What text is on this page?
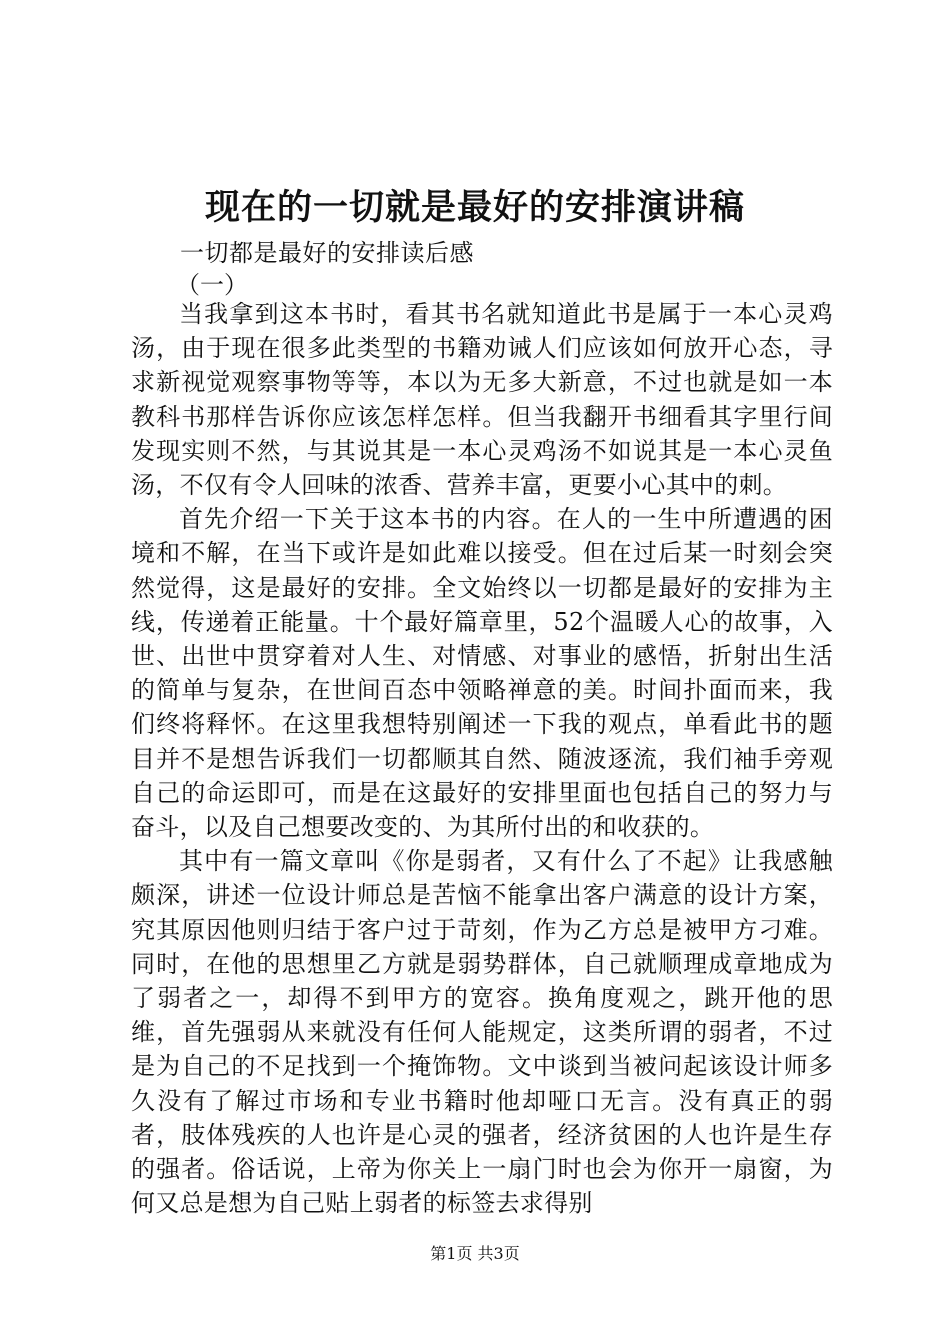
现在的一切就是最好的安排演讲稿
一切都是最好的安排读后感
（一）

当我拿到这本书时，看其书名就知道此书是属于一本心灵鸡汤，由于现在很多此类型的书籍劝诫人们应该如何放开心态，寻求新视觉观察事物等等，本以为无多大新意，不过也就是如一本教科书那样告诉你应该怎样怎样。但当我翻开书细看其字里行间发现实则不然，与其说其是一本心灵鸡汤不如说其是一本心灵鱼汤，不仅有令人回味的浓香、营养丰富，更要小心其中的刺。

首先介绍一下关于这本书的内容。在人的一生中所遭遇的困境和不解，在当下或许是如此难以接受。但在过后某一时刻会突然觉得，这是最好的安排。全文始终以一切都是最好的安排为主线，传递着正能量。十个最好篇章里，52个温暖人心的故事，入世、出世中贯穿着对人生、对情感、对事业的感悟，折射出生活的简单与复杂，在世间百态中领略禅意的美。时间扑面而来，我们终将释怀。在这里我想特别阐述一下我的观点，单看此书的题目并不是想告诉我们一切都顺其自然、随波逐流，我们袖手旁观自己的命运即可，而是在这最好的安排里面也包括自己的努力与奋斗，以及自己想要改变的、为其所付出的和收获的。

其中有一篇文章叫《你是弱者，又有什么了不起》让我感触颇深，讲述一位设计师总是苦恼不能拿出客户满意的设计方案，究其原因他则归结于客户过于苛刻，作为乙方总是被甲方刁难。同时，在他的思想里乙方就是弱势群体，自己就顺理成章地成为了弱者之一，却得不到甲方的宽容。换角度观之，跳开他的思维，首先强弱从来就没有任何人能规定，这类所谓的弱者，不过是为自己的不足找到一个掩饰物。文中谈到当被问起该设计师多久没有了解过市场和专业书籍时他却哑口无言。没有真正的弱者，肢体残疾的人也许是心灵的强者，经济贫困的人也许是生存的强者。俗话说，上帝为你关上一扇门时也会为你开一扇窗，为何又总是想为自己贴上弱者的标签去求得别

第1页 共3页
